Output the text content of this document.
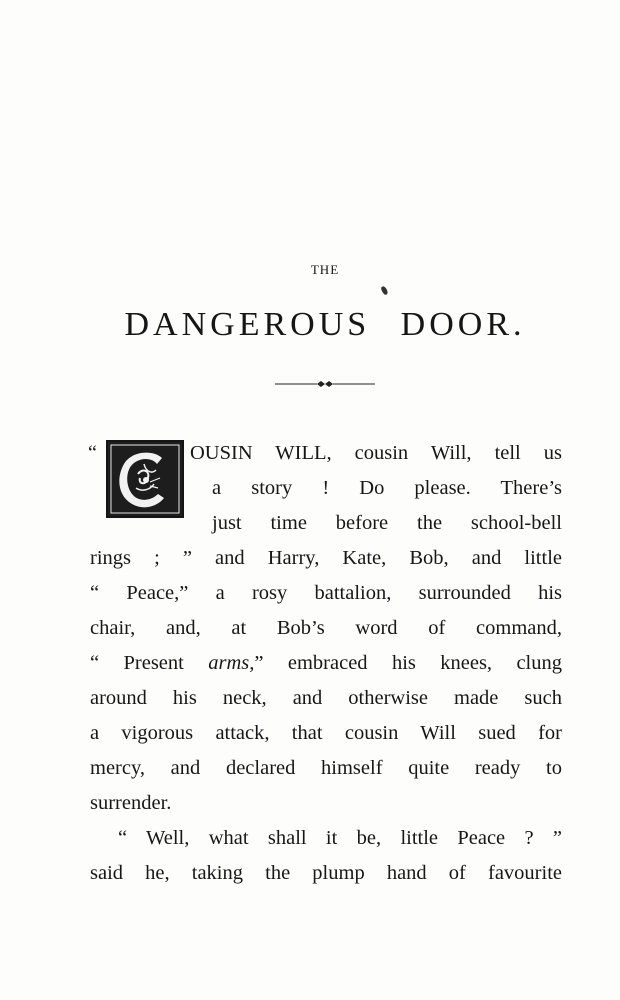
THE
DANGEROUS DOOR.
“	OUSIN WILL, cousin Will, tell us
a story ! Do please. There’s
just time before the school-bell
rings ; ” and Harry, Kate, Bob, and little
“ Peace,” a rosy battalion, surrounded his
chair, and, at Bob’s word of command,
“ Present arms,” embraced his knees, clung
around his neck, and otherwise made such
a vigorous attack, that cousin Will sued for
mercy, and declared himself quite ready to
surrender.
“ Well, what shall it be, little Peace ? ”
said he, taking the plump hand of favourite
